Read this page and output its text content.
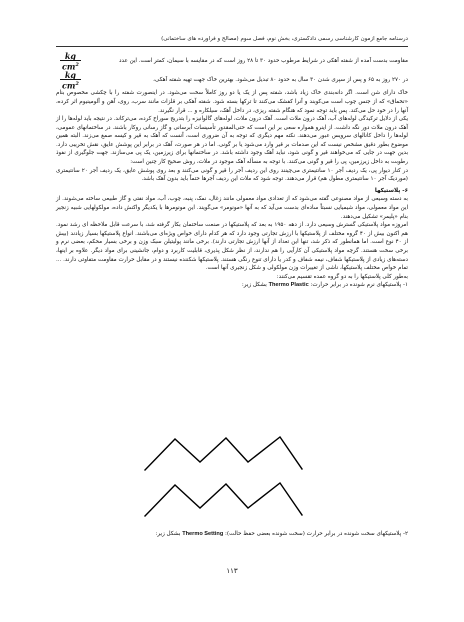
درسنامه جامع آزمون کارشناسی رسمی دادگستری، بخش نوم، فصل سوم (مصالح و فراورده های ساختمانی)
مقاومت بدست آمده از شفته آهکی در شرایط مرطوب حدود ۳۰ تا ۲۸ روز است که در مقایسه با سیمان، کمتر است. این عدد
$\frac{kg}{cm^2}$
در ۲۷۰ روز به ۶۵ و پس از سپری شدن ۳۰ سال به حدود ۸۰ تبدیل می‌شود. بهترین خاک جهت تهیه شفته آهکی،
$\frac{kg}{cm^2}$

خاک دارای شن است. اگر دانه‌بندی خاک زیاد باشد، شفته پس از یک یا دو روز کاملاً سخت می‌شود. در اینصورت شفته را با چکشی مخصوص بنام «تخماق» که از جنس چوب است می‌کوبند و آنرا کفشک می‌کنند تا ترکها بسته شود. شفته آهکی بر قلزات مانند سرب، روی، آهن و آلومینیوم اثر کرده، آنها را در خود حل می‌کند. پس باید توجه نمود که هنگام شفته ریزی، در داخل آهک، سیلکاره و ... قرار نگیرند.

یکی از دلایل ترکیدگی لوله‌های آب، آهک درون ملات است. آهک درون ملات، لوله‌های گالوانیزه را بتدریج سوراخ کرده، می‌ترکاند. در نتیجه باید لوله‌ها را از آهک درون ملات دور نگه داشت. از اینرو همواره سعی بر این است که حتی‌المقدور تأسیسات آبرسانی و گاز رسانی روکار باشند. در ساختمانهای عمومی، لوله‌ها را داخل کانالهای سرویس عبور می‌دهند. نکته مهم دیگری که توجه به آن ضروری است، آنست که آهک به قیر و کیسه صمغ می‌زند. البته همین موضوع بطور دقیق مشخص نیست که این صدمات بر قیر وارد می‌شود یا بر گونی. اما در هر صورت، آهک در برابر این پوشش عایق، نقش تخریبی دارد. بدین جهت در جایی که می‌خواهند قیر و گونی شود، نباید آهک وجود داشته باشد. در ساختمانها برای زیرزمین، یک پی می‌سازند. جهت جلوگیری از نفوذ رطوبت به داخل زیرزمین، پی را قیر و گونی می‌کنند. با توجه به مسأله آهک موجود در ملات، روش صحیح کار چنین است:

در کنار دیوار پی، یک ردیف آجر ۱۰ سانتیمتری می‌چینند روی این ردیف آجر را قیر و گونی می‌کنند و بعد روی پوشش عایق، یک ردیف آجر ۲۰ سانتیمتری (موردیک آجر ۱۰ سانتیمتری مطول هم) قرار می‌دهند. توجه شود که ملات این ردیف آجرها حتماً باید بدون آهک باشد.

۶- پلاستیکها

به دسته وسیعی از مواد مصنوعی گفته می‌شود که از تعدادی مواد معمولی مانند زغال، نمک، پنبه، چوب، آب، مواد نفتی و گاز طبیعی ساخته می‌شوند. از این مواد معمولی، مواد شیمیایی نسبتاً ساده‌ای بدست می‌آید که به آنها «مونومر» می‌گویند. این مونومرها با یکدیگر واکنش داده، مولکولهایی شبیه زنجیر بنام «پلیمر» تشکیل می‌دهند.

امروزه مواد پلاستیکی گسترش وسیعی دارد. از دهه ۱۹۵۰ به بعد که پلاستیکها در صنعت ساختمان بکار گرفته شد، با سرعت قابل ملاحظه ای رشد نمود. هم اکنون بیش از ۴۰ گروه مختلف از پلاستیکها با ارزش تجارتی وجود دارد که هر کدام دارای خواص ویژه‌ای می‌باشند. انواع پلاستیکها بسیار زیادند (بیش از ۴۰ نوع است. اما همانطور که ذکر شد، تنها این تعداد از آنها ارزش تجارتی دارند). برخی مانند پولیتیلن سبک وزن و برخی بسیار محکم، بعضی نرم و برخی سخت هستند. گرچه مواد پلاستیکی آن کارآیی را هم ندارند، از نظر شکل پذیری، قابلیت کاربرد و دوام، جانشینی برای مواد دیگر. علاوه بر اینها، دسته‌های زیادی از پلاستیکها شفاف، نیمه شفاف و کدر یا دارای تنوع رنگی هستند. پلاستیکها شکننده نیستند و در مقابل حرارت مقاومت متفاوتی دارند. ... تمام خواص مختلف پلاستیکها، ناشی از تغییرات وزن مولکولی و شکل زنجیری آنها است.

به‌طور کلی پلاستیکها را به دو گروه عمده تقسیم می‌کنند:

۱- پلاستیکهای نرم شونده در برابر حرارت: Thermo Plastic بشکل زیر:

۲- پلاستیکهای سخت شونده در برابر حرارت (سخت شونده بعضی حفظ حالت): Thermo Setting بشکل زیر:
۱۱۳
